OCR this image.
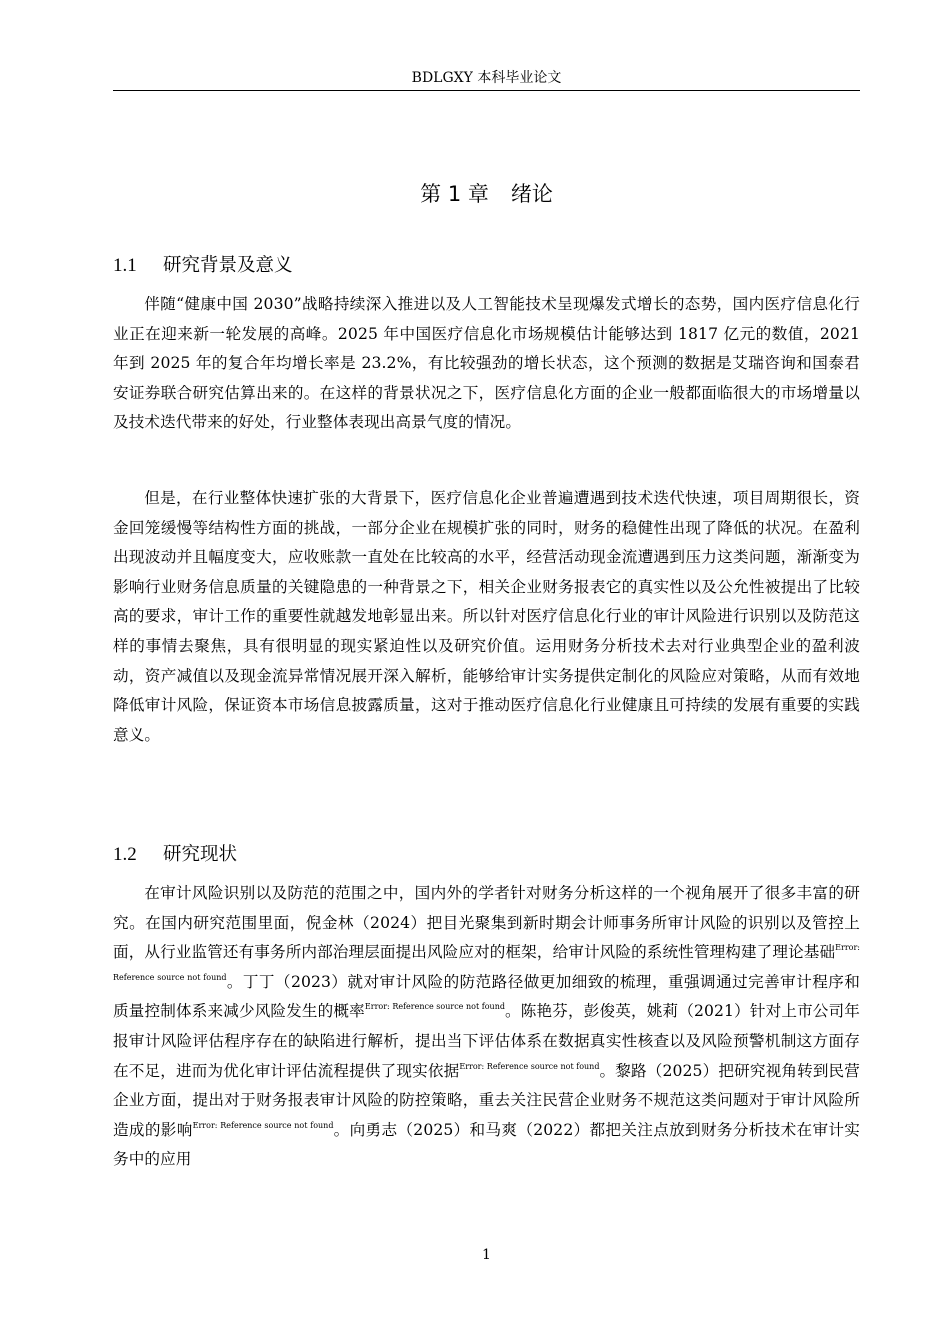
BDLGXY 本科毕业论文
第 1 章 绪论
1.1 研究背景及意义

伴随“健康中国 2030”战略持续深入推进以及人工智能技术呈现爆发式增长的态势，国内医疗信息化行业正在迎来新一轮发展的高峰。2025 年中国医疗信息化市场规模估计能够达到 1817 亿元的数值，2021 年到 2025 年的复合年均增长率是 23.2%，有比较强劲的增长状态，这个预测的数据是艾瑞咨询和国泰君安证券联合研究估算出来的。在这样的背景状况之下，医疗信息化方面的企业一般都面临很大的市场增量以及技术迭代带来的好处，行业整体表现出高景气度的情况。

但是，在行业整体快速扩张的大背景下，医疗信息化企业普遍遭遇到技术迭代快速，项目周期很长，资金回笼缓慢等结构性方面的挑战，一部分企业在规模扩张的同时，财务的稳健性出现了降低的状况。在盈利出现波动并且幅度变大，应收账款一直处在比较高的水平，经营活动现金流遭遇到压力这类问题，渐渐变为影响行业财务信息质量的关键隐患的一种背景之下，相关企业财务报表它的真实性以及公允性被提出了比较高的要求，审计工作的重要性就越发地彰显出来。所以针对医疗信息化行业的审计风险进行识别以及防范这样的事情去聚焦，具有很明显的现实紧迫性以及研究价值。运用财务分析技术去对行业典型企业的盈利波动，资产减值以及现金流异常情况展开深入解析，能够给审计实务提供定制化的风险应对策略，从而有效地降低审计风险，保证资本市场信息披露质量，这对于推动医疗信息化行业健康且可持续的发展有重要的实践意义。

1.2 研究现状

在审计风险识别以及防范的范围之中，国内外的学者针对财务分析这样的一个视角展开了很多丰富的研究。在国内研究范围里面，倪金林（2024）把目光聚集到新时期会计师事务所审计风险的识别以及管控上面，从行业监管还有事务所内部治理层面提出风险应对的框架，给审计风险的系统性管理构建了理论基础$^{Error: Reference source not found}$。丁丁（2023）就对审计风险的防范路径做更加细致的梳理，重强调通过完善审计程序和质量控制体系来减少风险发生的概率$^{Error: Reference source not found}$。陈艳芬，彭俊英，姚莉（2021）针对上市公司年报审计风险评估程序存在的缺陷进行解析，提出当下评估体系在数据真实性核查以及风险预警机制这方面存在不足，进而为优化审计评估流程提供了现实依据$^{Error: Reference source not found}$。黎路（2025）把研究视角转到民营企业方面，提出对于财务报表审计风险的防控策略，重去关注民营企业财务不规范这类问题对于审计风险所造成的影响$^{Error: Reference source not found}$。向勇志（2025）和马爽（2022）都把关注点放到财务分析技术在审计实务中的应用

1
